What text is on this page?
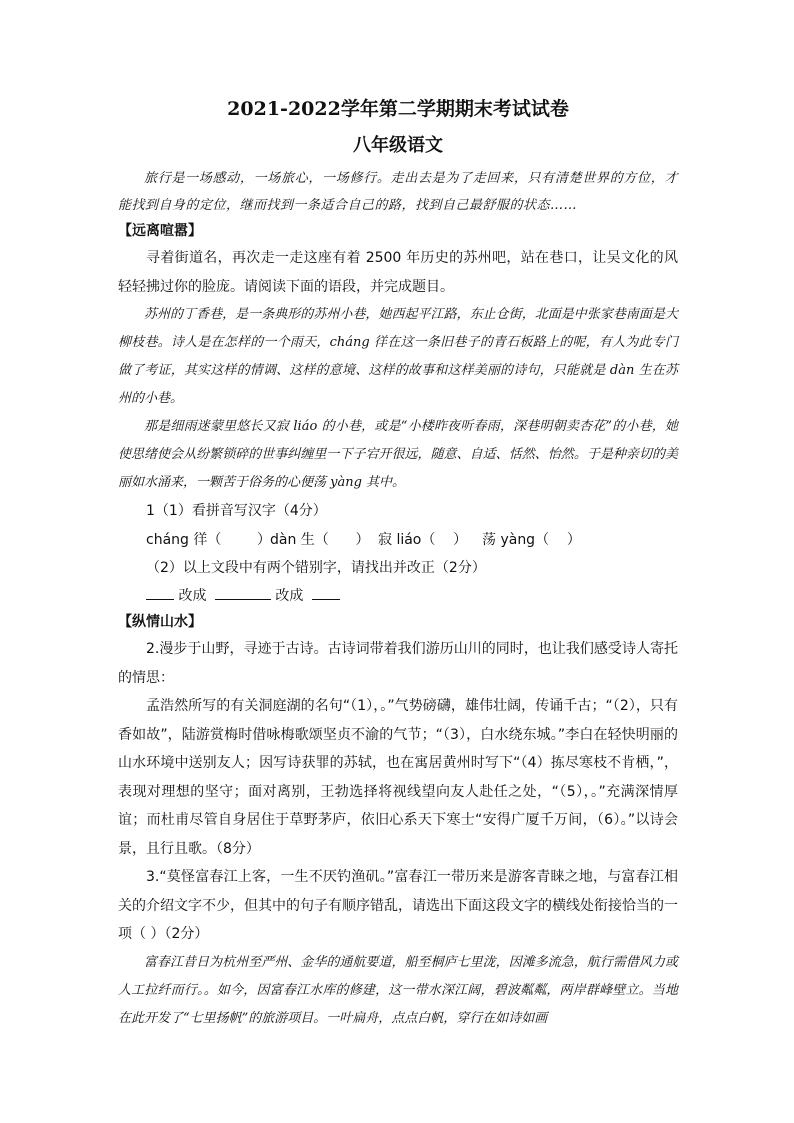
2021-2022学年第二学期期末考试试卷
八年级语文

旅行是一场感动，一场旅心，一场修行。走出去是为了走回来，只有清楚世界的方位，才能找到自身的定位，继而找到一条适合自己的路，找到自己最舒服的状态……

【远离喧嚣】

寻着街道名，再次走一走这座有着 2500 年历史的苏州吧，站在巷口，让吴文化的风轻轻拂过你的脸庞。请阅读下面的语段，并完成题目。

苏州的丁香巷，是一条典形的苏州小巷，她西起平江路，东止仓街，北面是中张家巷南面是大柳枝巷。诗人是在怎样的一个雨天，cháng 徉在这一条旧巷子的青石板路上的呢，有人为此专门做了考证，其实这样的情调、这样的意境、这样的故事和这样美丽的诗句，只能就是 dàn 生在苏州的小巷。

那是细雨迷蒙里悠长又寂 liáo 的小巷，或是“小楼昨夜听春雨，深巷明朝卖杏花”的小巷，她使思绪使会从纷繁锁碎的世事纠缠里一下子宕开很远，随意、自适、恬然、怡然。于是种亲切的美丽如水涌来，一颗苦于俗务的心便荡 yàng 其中。

1（1）看拼音写汉字（4分）

cháng 徉（        ） dàn 生（      ） 寂 liáo（    ）	荡 yàng（    ）

（2）以上文段中有两个错别字，请找出并改正（2分）

改成	改成

【纵情山水】

2.漫步于山野，寻迹于古诗。古诗词带着我们游历山川的同时，也让我们感受诗人寄托的情思：

孟浩然所写的有关洞庭湖的名句“（1），。”气势磅礴，雄伟壮阔，传诵千古；“（2），只有香如故”，陆游赏梅时借咏梅歌颂坚贞不渝的气节；“（3），白水绕东城。”李白在轻快明丽的山水环境中送别友人；因写诗获罪的苏轼，也在寓居黄州时写下“（4）拣尽寒枝不肯栖，”，表现对理想的坚守；面对离别，王勃选择将视线望向友人赴任之处，“（5），。”充满深情厚谊；而杜甫尽管自身居住于草野茅庐，依旧心系天下寒士“安得广厦千万间，（6）。”以诗会景，且行且歌。（8分）

3.“莫怪富春江上客，一生不厌钓渔矶。”富春江一带历来是游客青睐之地，与富春江相关的介绍文字不少，但其中的句子有顺序错乱，请选出下面这段文字的横线处衔接恰当的一项（ ）（2分）

富春江昔日为杭州至严州、金华的通航要道，船至桐庐七里泷，因滩多流急，航行需借风力或人工拉纤而行。。如今，因富春江水库的修建，这一带水深江阔，碧波粼粼，两岸群峰壁立。当地在此开发了“七里扬帆”的旅游项目。一叶扁舟，点点白帆，穿行在如诗如画
